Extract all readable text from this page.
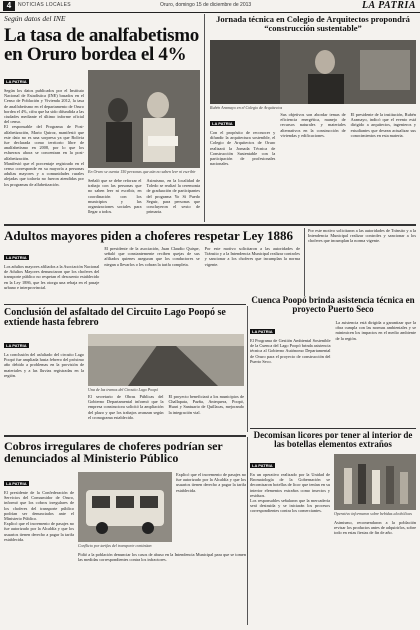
4	NOTICIAS LOCALES	Oruro, domingo 15 de diciembre de 2013	LA PATRIA
Según datos del INE
La tasa de analfabetismo en Oruro bordea el 4%
LA PATRIA
Según los datos publicados por el Instituto Nacional de Estadística (INE) basados en el Censo de Población y Vivienda 2012, la tasa de analfabetismo en el departamento de Oruro bordea el 4%, cifra que ha sido difundida a las ciudades mediante el último informe oficial del censo.
El responsable del Programa de Post-alfabetización, Mario Quiroz, manifestó que este dato no es una sorpresa ya que Bolivia fue declarada como territorio libre de analfabetismo en 2008, por lo que los esfuerzos ahora se concentran en la post-alfabetización.
Manifestó que el porcentaje registrado en el censo corresponde en su mayoría a personas adultas mayores y a comunidades rurales alejadas que todavía no fueron atendidas por los programas de alfabetización.
En Oruro se cuenta 150 personas que aún no saben leer ni escribir
Señaló que se debe reforzar el trabajo con las personas que no saben leer ni escribir, en coordinación con los municipios y las organizaciones sociales para llegar a todos.
Asimismo, en la localidad de Toledo se realizó la ceremonia de graduación de participantes del programa Yo Sí Puedo Seguir, para personas que concluyeron el sexto de primaria.
Jornada técnica en Colegio de Arquitectos propondrá “construcción sustentable”
Rubén Aramayo en el Colegio de Arquitectos
LA PATRIA
Con el propósito de reconocer y difundir la arquitectura sostenible, el Colegio de Arquitectos de Oruro realizará la Jornada Técnica de Construcción Sustentable con la participación de profesionales nacionales.
Sus objetivos son abordar temas de eficiencia energética, manejo de recursos naturales y materiales alternativos en la construcción de viviendas y edificaciones.
El presidente de la institución, Rubén Aramayo, indicó que el evento está dirigido a arquitectos, ingenieros y estudiantes que desean actualizar sus conocimientos en esta materia.
Adultos mayores piden a choferes respetar Ley 1886
LA PATRIA
Los adultos mayores afiliados a la Asociación Nacional de Adultos Mayores denunciaron que los choferes del transporte público no respetan el descuento establecido en la Ley 1886, que les otorga una rebaja en el pasaje urbano e interprovincial.
El presidente de la asociación, Juan Claudio Quispe, señaló que constantemente reciben quejas de sus afiliados quienes aseguran que los conductores se niegan a llevarlos o les cobran la tarifa completa.
Por este motivo solicitaron a las autoridades de Tránsito y a la Intendencia Municipal realizar controles y sancionar a los choferes que incumplan la norma vigente.
Cuenca Poopó brinda asistencia técnica en proyecto Puerto Seco
Por este motivo solicitaron a las autoridades de Tránsito y a la Intendencia Municipal realizar controles y sancionar a los choferes que incumplan la norma vigente.
LA PATRIA
El Programa de Gestión Ambiental Sostenible de la Cuenca del Lago Poopó brinda asistencia técnica al Gobierno Autónomo Departamental de Oruro para el proyecto de construcción del Puerto Seco.
La asistencia está dirigida a garantizar que la obra cumpla con las normas ambientales y se minimicen los impactos en el medio ambiente de la región.
Conclusión del asfaltado del Circuito Lago Poopó se extiende hasta febrero
LA PATRIA
La conclusión del asfaltado del circuito Lago Poopó fue ampliada hasta febrero del próximo año debido a problemas en la provisión de materiales y a las lluvias registradas en la región.
Una de las tramos del Circuito Lago Poopó
El secretario de Obras Públicas del Gobierno Departamental informó que la empresa constructora solicitó la ampliación del plazo y que los trabajos avanzan según el cronograma establecido.
El proyecto beneficiará a los municipios de Challapata, Pazña, Antequera, Poopó, Huari y Santuario de Quillacas, mejorando la integración vial.
Decomisan licores por tener al interior de las botellas elementos extraños
LA PATRIA
En un operativo realizado por la Unidad de Bromatología de la Gobernación se decomisaron botellas de licor que tenían en su interior elementos extraños como insectos y residuos.
Los responsables señalaron que la mercadería será destruida y se iniciarán los procesos correspondientes contra los comerciantes.
Operativo informaron sobre bebidas alcohólicas
Asimismo, recomendaron a la población revisar los productos antes de adquirirlos, sobre todo en estas fiestas de fin de año.
Cobros irregulares de choferes podrían ser denunciados al Ministerio Público
LA PATRIA
El presidente de la Confederación de Servicios del Consumidor de Oruro, informó que los cobros irregulares de los choferes del transporte público podrían ser denunciados ante el Ministerio Público.
Explicó que el incremento de pasajes no fue autorizado por la Alcaldía y que los usuarios tienen derecho a pagar la tarifa establecida.
Conflicto por tarifas del transporte continúan
Pidió a la población denunciar los casos de abuso en la Intendencia Municipal para que se tomen las medidas correspondientes contra los infractores.
Explicó que el incremento de pasajes no fue autorizado por la Alcaldía y que los usuarios tienen derecho a pagar la tarifa establecida.
